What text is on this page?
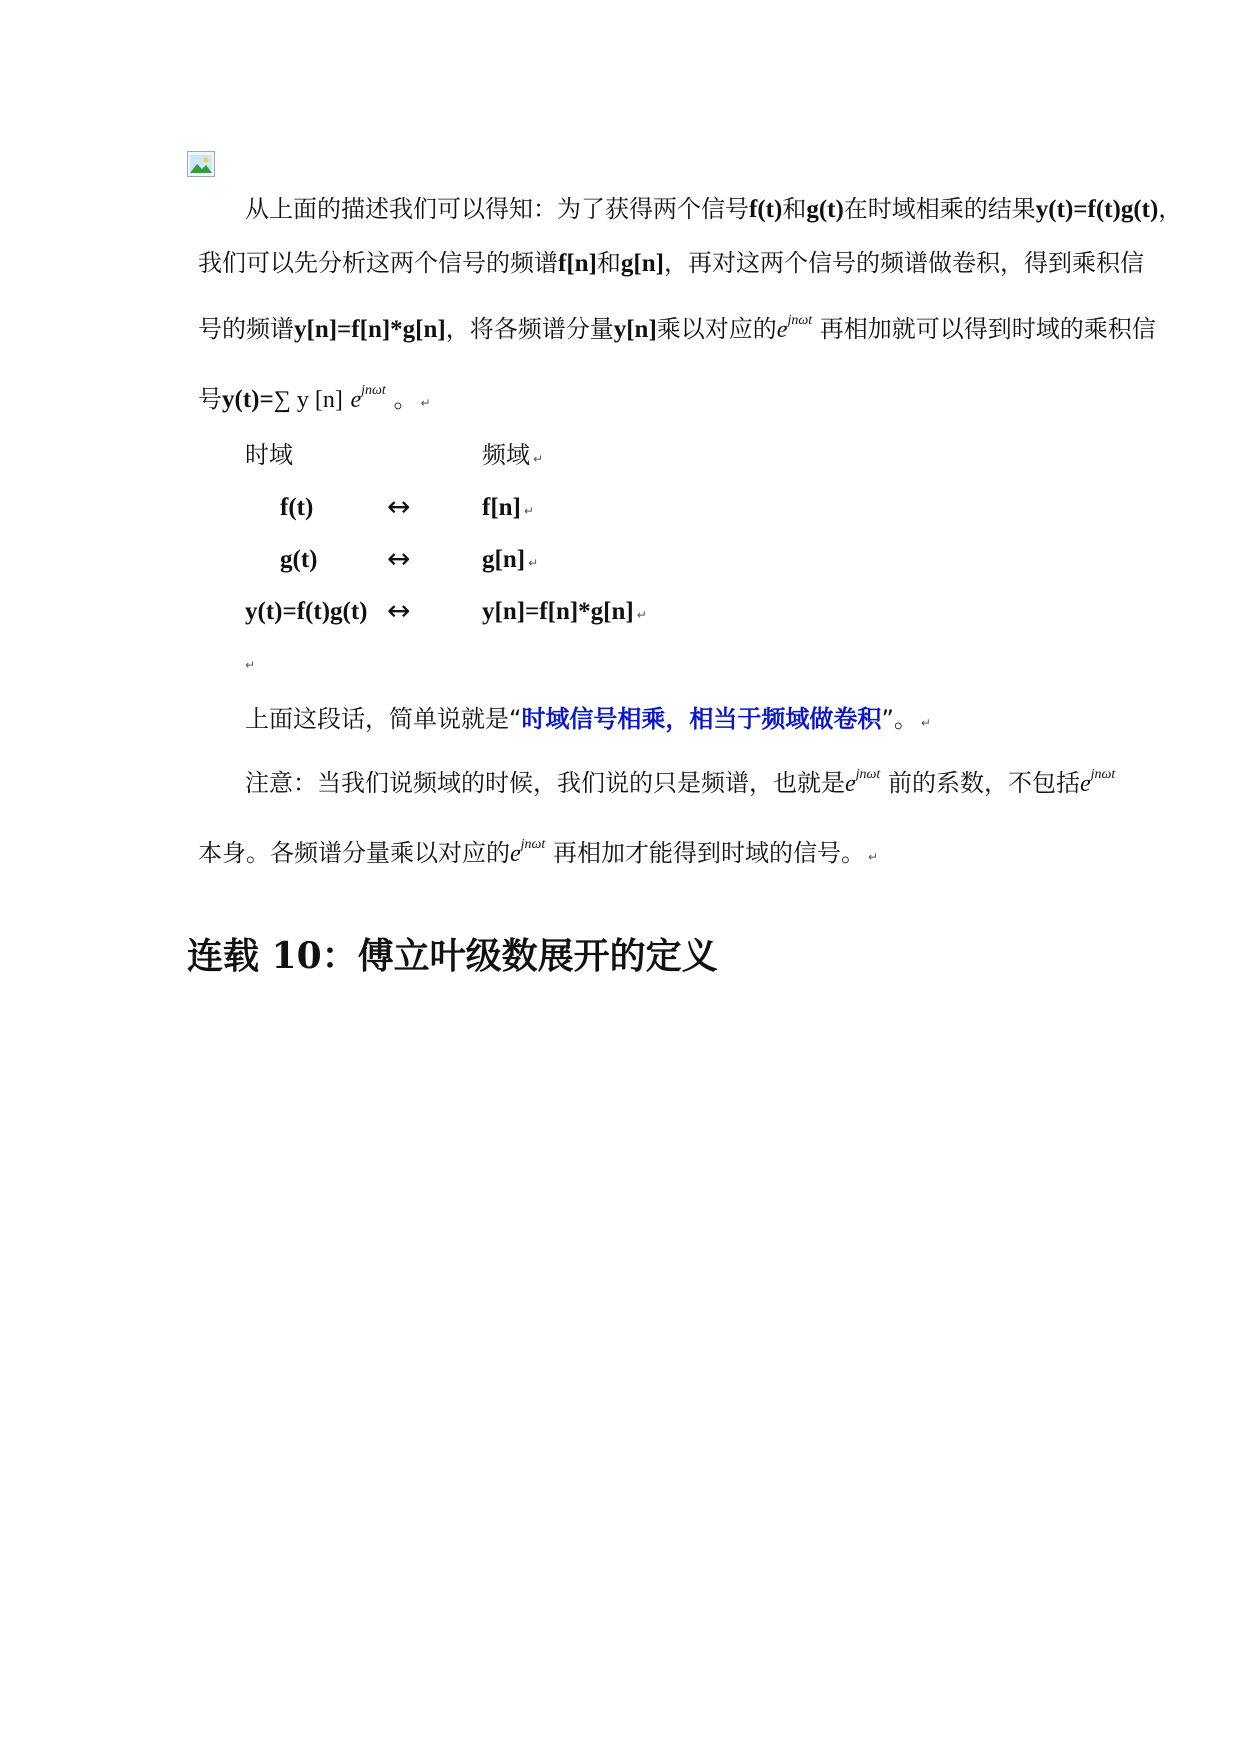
从上面的描述我们可以得知：为了获得两个信号f(t)和g(t)在时域相乘的结果y(t)=f(t)g(t)，
我们可以先分析这两个信号的频谱f[n]和g[n]，再对这两个信号的频谱做卷积，得到乘积信
号的频谱y[n]=f[n]*g[n]，将各频谱分量y[n]乘以对应的$e^{jn\omega t}$ 再相加就可以得到时域的乘积信
号y(t)=∑ y [n] $e^{jn\omega t}$ 。 ↵
时域	频域 ↵
f(t)	↔	f[n] ↵
g(t) ↔	g[n] ↵
y(t)=f(t)g(t) ↔	y[n]=f[n]*g[n] ↵
↵
上面这段话，简单说就是“时域信号相乘，相当于频域做卷积”。 ↵
注意：当我们说频域的时候，我们说的只是频谱，也就是$e^{jn\omega t}$ 前的系数，不包括$e^{jn\omega t}$
本身。各频谱分量乘以对应的$e^{jn\omega t}$ 再相加才能得到时域的信号。 ↵
连载 10：傅立叶级数展开的定义
